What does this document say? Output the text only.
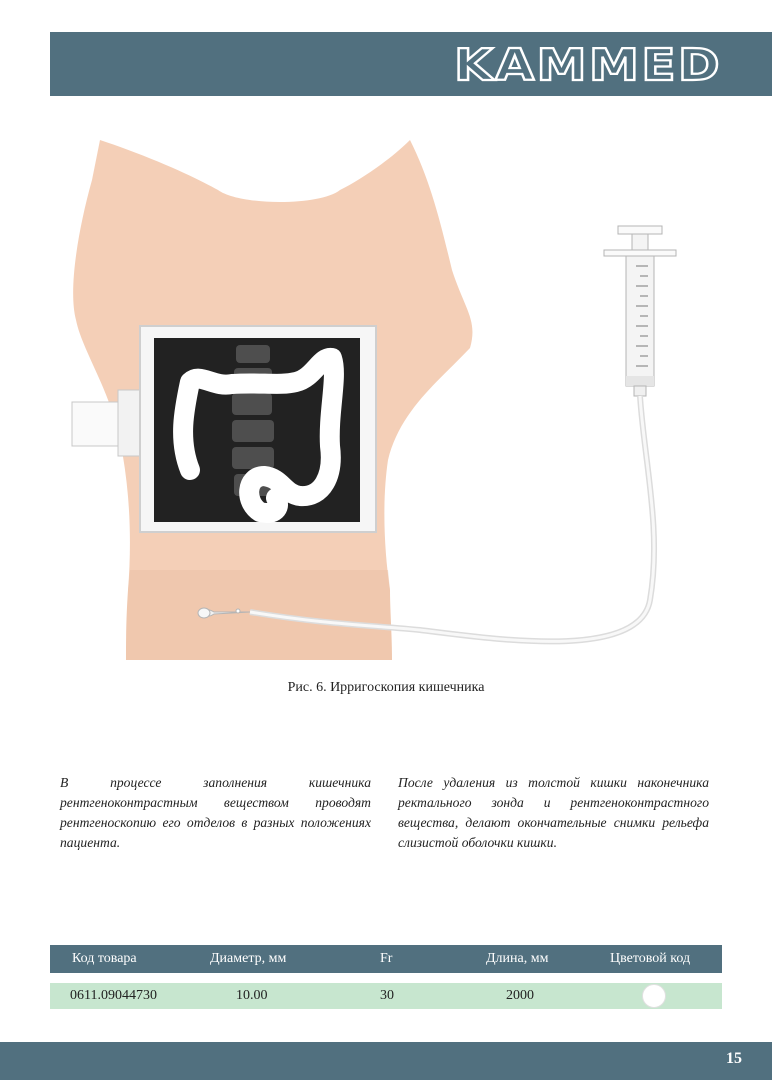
KAMMED
Рис. 6. Ирригоскопия кишечника

В процессе заполнения кишечника рентгеноконтрастным веществом проводят рентгеноскопию его отделов в разных положениях пациента.

После удаления из толстой кишки наконечника ректального зонда и рентгеноконтрастного вещества, делают окончательные снимки рельефа слизистой оболочки кишки.

Код товара	Диаметр, мм	Fr	Длина, мм	Цветовой код
0611.09044730	10.00	30	2000
15
